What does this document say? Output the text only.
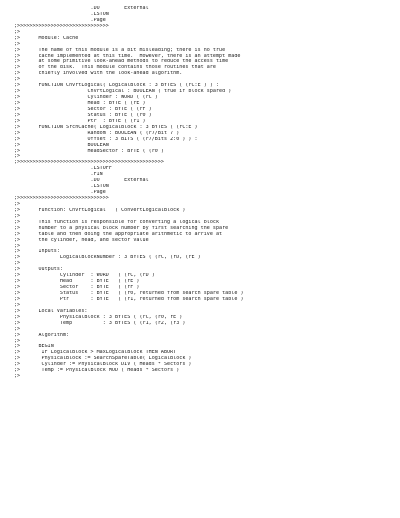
.DO        External
.LSTON
.Page
;>>>>>>>>>>>>>>>>>>>>>>>>>>>>>>
;>
;>      Module: Cache
;>
;>      The name of this module is a bit misleading; there is no true
;>      cache implemented at this time.  However, there is an attempt made
;>      at some primitive look-ahead methods to reduce the access time
;>      of the disk.  This module contains those routines that are
;>      chiefly involved with the look-ahead algorithm.
;>
;>      FUNCTION CnvrtLogical( LogicalBlock : 3 BYTES ( (rC:E ) ) :
;>                      CnvrtLogical : BOOLEAN ( true if block spared )
;>                      Cylinder : WORD ( (rC )
;>                      Head : BYTE ( (rE )
;>                      Sector : BYTE ( (rF )
;>                      Status : BYTE ( (r0 )
;>                      Ptr  : BYTE ( (r1 )
;>      FUNCTION SrchCache( LogicalBlock : 3 BYTES ( (rC:E )
;>                      Random : BOOLEAN ( (r7/Bit 7 )
;>                      Offset : 3 BITS ( (r7/Bits 2:0 ) ) :
;>                      BOOLEAN
;>                      HeadSector : BYTE ( (r0 )
;>
;>>>>>>>>>>>>>>>>>>>>>>>>>>>>>>>>>>>>>>>>>>>>>>>>
.LSTOFF
.FIN
.DO        External
.LSTON
.Page
;>>>>>>>>>>>>>>>>>>>>>>>>>>>>>>
;>
;>      Function: CnvrtLogical   ( ConvertLogicalBlock )
;>
;>      This function is responsible for converting a logical block
;>      number to a physical block number by first searching the spare
;>      table and then doing the appropriate arithmetic to arrive at
;>      the cylinder, head, and sector value
;>
;>      Inputs:
;>             LogicalBlockNumber : 3 BYTES ( (rC, (rD, (rE )
;>
;>      Outputs:
;>             Cylinder  : WORD   ( (rC, (rD )
;>             Head      : BYTE   ( (rE )
;>             Sector    : BYTE   ( (rF )
;>             Status    : BYTE   ( (r0, returned from search spare table )
;>             Ptr       : BYTE   ( (r1, returned from search spare table )
;>
;>      Local Variables:
;>             PhysicalBlock : 3 BYTES ( (rC, (r0, rE )
;>             Temp          : 3 BYTES ( (r1, (r2, (r3 )
;>
;>      Algorithm:
;>
;>      BEGIN
;>       IF LogicalBlock > MaxLogicalBlock THEN ABORT
;>       PhysicalBlock := SearchSpareTable( LogicalBlock )
;>       Cylinder := PhysicalBlock DIV ( Heads * Sectors )
;>       Temp := PhysicalBlock MOD ( Heads * Sectors )
;>
